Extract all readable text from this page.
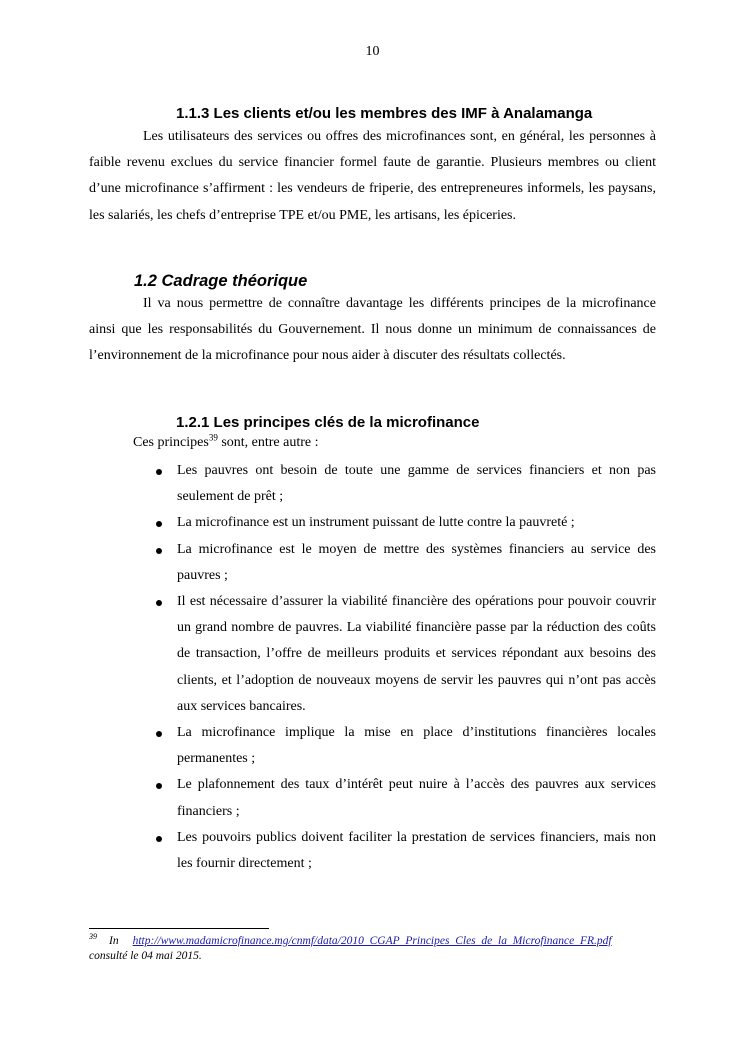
10
1.1.3 Les clients et/ou les membres des IMF à Analamanga

Les utilisateurs des services ou offres des microfinances sont, en général, les personnes à faible revenu exclues du service financier formel faute de garantie. Plusieurs membres ou client d’une microfinance s’affirment : les vendeurs de friperie, des entrepreneures informels, les paysans, les salariés, les chefs d’entreprise TPE et/ou PME, les artisans, les épiceries.

1.2 Cadrage théorique

Il va nous permettre de connaître davantage les différents principes de la microfinance ainsi que les responsabilités du Gouvernement. Il nous donne un minimum de connaissances de l’environnement de la microfinance pour nous aider à discuter des résultats collectés.

1.2.1 Les principes clés de la microfinance

Ces principes$^{39}$ sont, entre autre :

Les pauvres ont besoin de toute une gamme de services financiers et non pas seulement de prêt ;
La microfinance est un instrument puissant de lutte contre la pauvreté ;
La microfinance est le moyen de mettre des systèmes financiers au service des pauvres ;
Il est nécessaire d’assurer la viabilité financière des opérations pour pouvoir couvrir un grand nombre de pauvres. La viabilité financière passe par la réduction des coûts de transaction, l’offre de meilleurs produits et services répondant aux besoins des clients, et l’adoption de nouveaux moyens de servir les pauvres qui n’ont pas accès aux services bancaires.
La microfinance implique la mise en place d’institutions financières locales permanentes ;
Le plafonnement des taux d’intérêt peut nuire à l’accès des pauvres aux services financiers ;
Les pouvoirs publics doivent faciliter la prestation de services financiers, mais non les fournir directement ;

$^{39}$ In http://www.madamicrofinance.mg/cnmf/data/2010_CGAP_Principes_Cles_de_la_Microfinance_FR.pdf
consulté le 04 mai 2015.
